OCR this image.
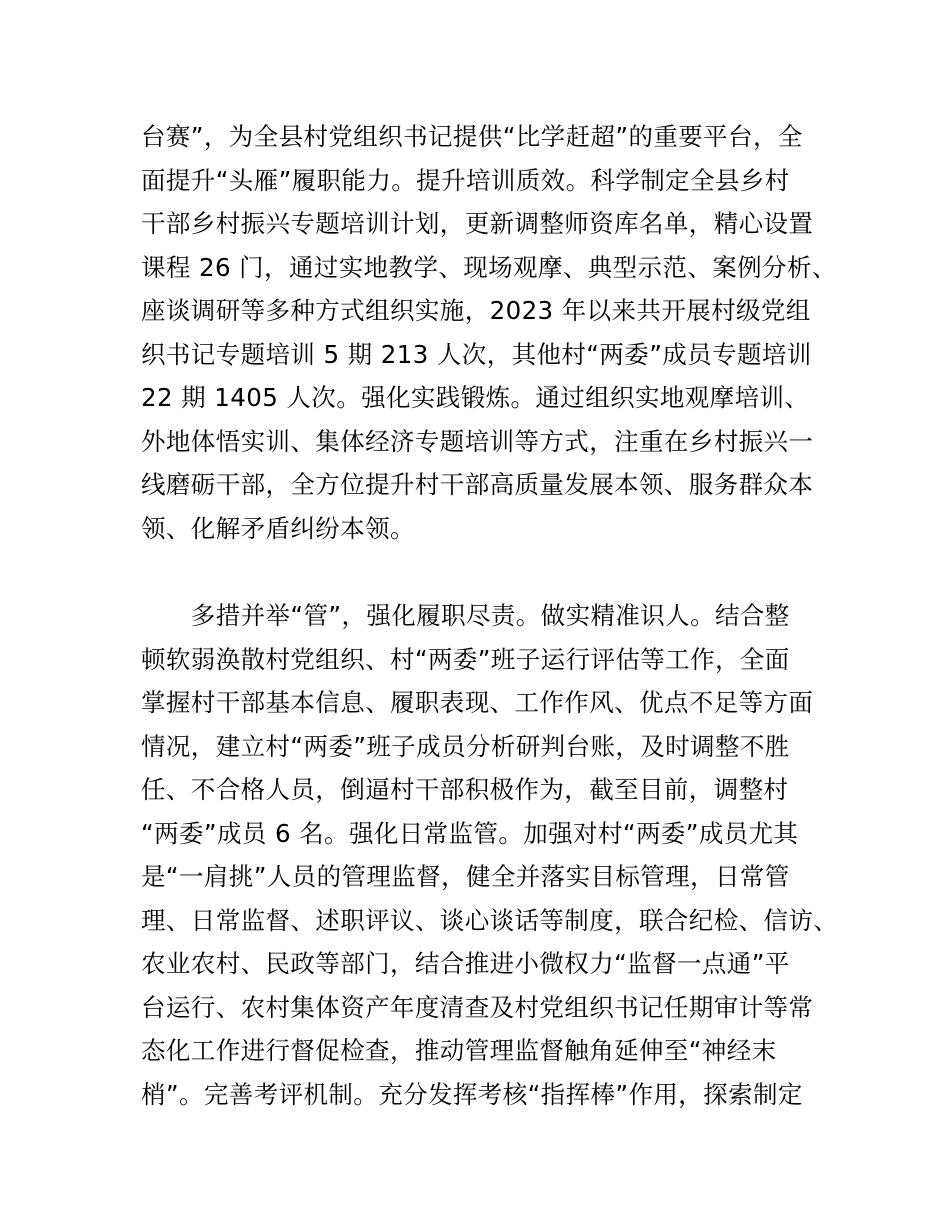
台赛”，为全县村党组织书记提供“比学赶超”的重要平台，全
面提升“头雁”履职能力。提升培训质效。科学制定全县乡村
干部乡村振兴专题培训计划，更新调整师资库名单，精心设置
课程 26 门，通过实地教学、现场观摩、典型示范、案例分析、
座谈调研等多种方式组织实施，2023 年以来共开展村级党组
织书记专题培训 5 期 213 人次，其他村“两委”成员专题培训
22 期 1405 人次。强化实践锻炼。通过组织实地观摩培训、
外地体悟实训、集体经济专题培训等方式，注重在乡村振兴一
线磨砺干部，全方位提升村干部高质量发展本领、服务群众本
领、化解矛盾纠纷本领。
　　多措并举“管”，强化履职尽责。做实精准识人。结合整
顿软弱涣散村党组织、村“两委”班子运行评估等工作，全面
掌握村干部基本信息、履职表现、工作作风、优点不足等方面
情况，建立村“两委”班子成员分析研判台账，及时调整不胜
任、不合格人员，倒逼村干部积极作为，截至目前，调整村
“两委”成员 6 名。强化日常监管。加强对村“两委”成员尤其
是“一肩挑”人员的管理监督，健全并落实目标管理，日常管
理、日常监督、述职评议、谈心谈话等制度，联合纪检、信访、
农业农村、民政等部门，结合推进小微权力“监督一点通”平
台运行、农村集体资产年度清查及村党组织书记任期审计等常
态化工作进行督促检查，推动管理监督触角延伸至“神经末
梢”。完善考评机制。充分发挥考核“指挥棒”作用，探索制定
